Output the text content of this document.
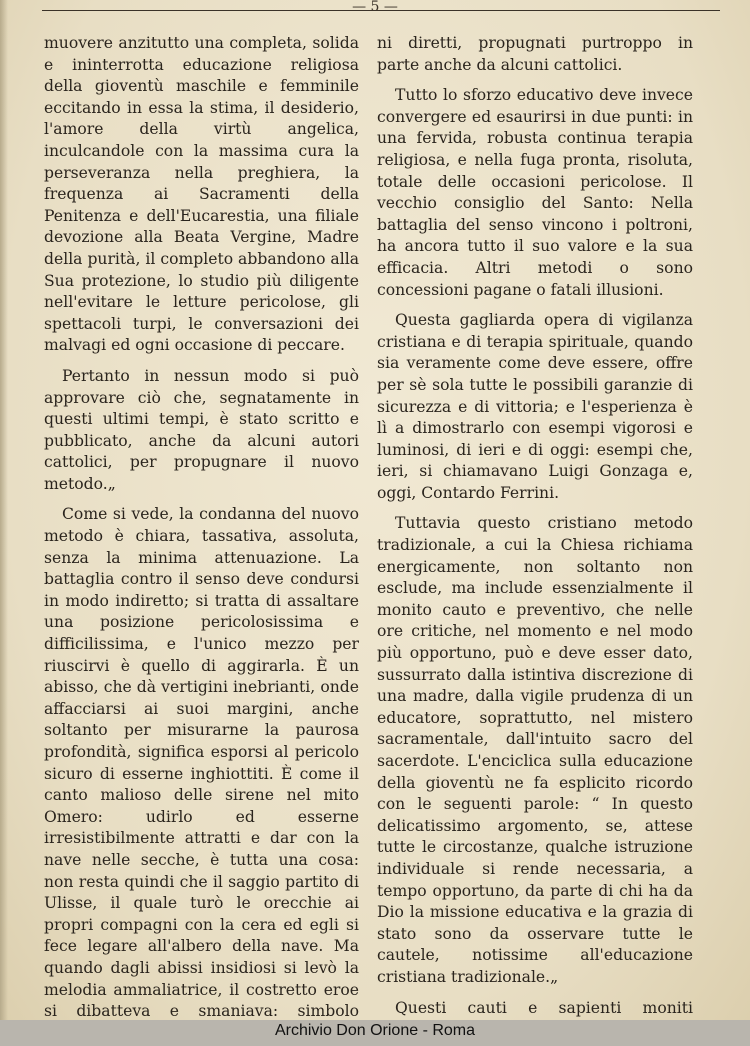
— 5 —

muovere anzitutto una completa, solida e ininterrotta educazione religiosa della gioventù maschile e femminile eccitando in essa la stima, il desiderio, l'amore della virtù angelica, inculcandole con la massima cura la perseveranza nella preghiera, la frequenza ai Sacramenti della Penitenza e dell'Eucarestia, una filiale devozione alla Beata Vergine, Madre della purità, il completo abbandono alla Sua protezione, lo studio più diligente nell'evitare le letture pericolose, gli spettacoli turpi, le conversazioni dei malvagi ed ogni occasione di peccare.

Pertanto in nessun modo si può approvare ciò che, segnatamente in questi ultimi tempi, è stato scritto e pubblicato, anche da alcuni autori cattolici, per propugnare il nuovo metodo.„

Come si vede, la condanna del nuovo metodo è chiara, tassativa, assoluta, senza la minima attenuazione. La battaglia contro il senso deve condursi in modo indiretto; si tratta di assaltare una posizione pericolosissima e difficilissima, e l'unico mezzo per riuscirvi è quello di aggirarla. È un abisso, che dà vertigini inebrianti, onde affacciarsi ai suoi margini, anche soltanto per misurarne la paurosa profondità, significa esporsi al pericolo sicuro di esserne inghiottiti. È come il canto malioso delle sirene nel mito Omero: udirlo ed esserne irresistibilmente attratti e dar con la nave nelle secche, è tutta una cosa: non resta quindi che il saggio partito di Ulisse, il quale turò le orecchie ai propri compagni con la cera ed egli si fece legare all'albero della nave. Ma quando dagli abissi insidiosi si levò la melodia ammaliatrice, il costretto eroe si dibatteva e smaniava: simbolo

ni diretti, propugnati purtroppo in parte anche da alcuni cattolici.

Tutto lo sforzo educativo deve invece convergere ed esaurirsi in due punti: in una fervida, robusta continua terapia religiosa, e nella fuga pronta, risoluta, totale delle occasioni pericolose. Il vecchio consiglio del Santo: Nella battaglia del senso vincono i poltroni, ha ancora tutto il suo valore e la sua efficacia. Altri metodi o sono concessioni pagane o fatali illusioni.

Questa gagliarda opera di vigilanza cristiana e di terapia spirituale, quando sia veramente come deve essere, offre per sè sola tutte le possibili garanzie di sicurezza e di vittoria; e l'esperienza è lì a dimostrarlo con esempi vigorosi e luminosi, di ieri e di oggi: esempi che, ieri, si chiamavano Luigi Gonzaga e, oggi, Contardo Ferrini.

Tuttavia questo cristiano metodo tradizionale, a cui la Chiesa richiama energicamente, non soltanto non esclude, ma include essenzialmente il monito cauto e preventivo, che nelle ore critiche, nel momento e nel modo più opportuno, può e deve esser dato, sussurrato dalla istintiva discrezione di una madre, dalla vigile prudenza di un educatore, soprattutto, nel mistero sacramentale, dall'intuito sacro del sacerdote. L'enciclica sulla educazione della gioventù ne fa esplicito ricordo con le seguenti parole: “ In questo delicatissimo argomento, se, attese tutte le circostanze, qualche istruzione individuale si rende necessaria, a tempo opportuno, da parte di chi ha da Dio la missione educativa e la grazia di stato sono da osservare tutte le cautele, notissime all'educazione cristiana tradizionale.„

Questi cauti e sapienti moniti

Archivio Don Orione - Roma
